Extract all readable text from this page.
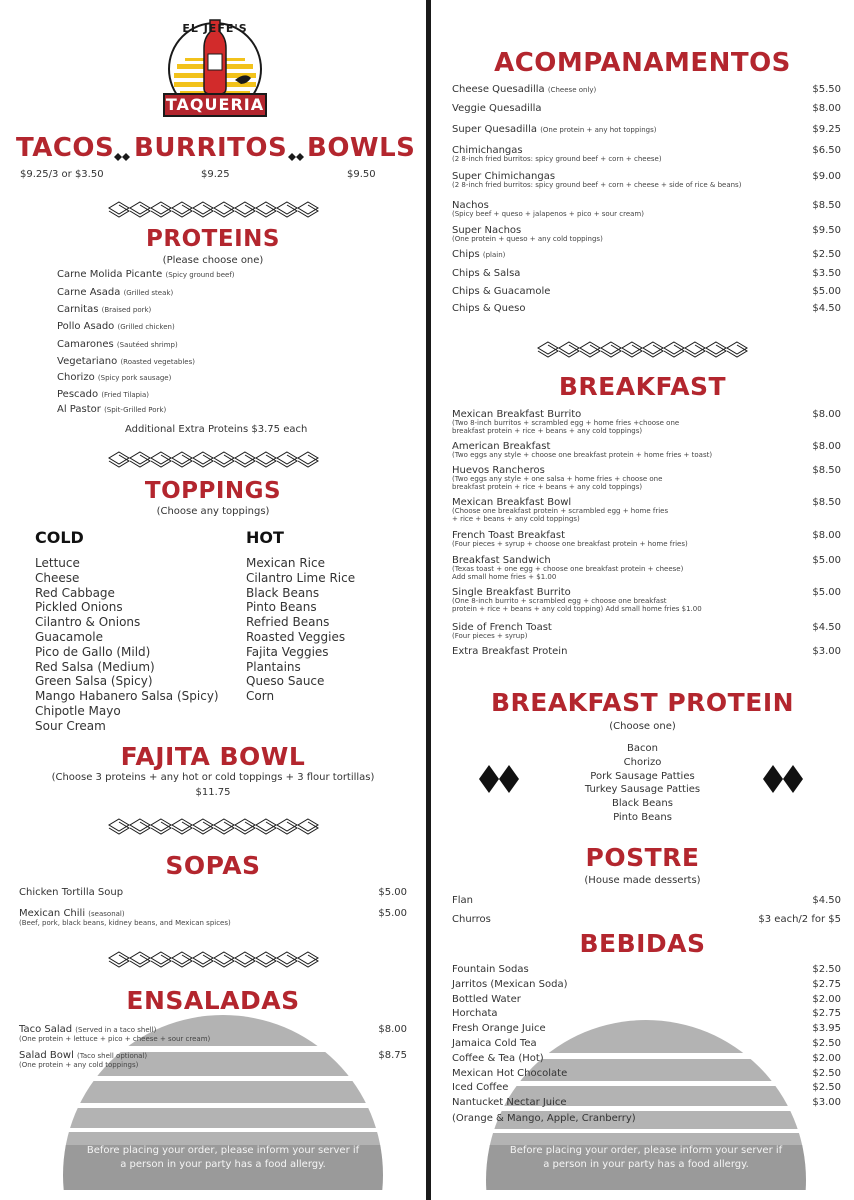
EL JEFE'S
TAQUERIA
TACOS BURRITOS BOWLS
$9.25/3 or $3.50	$9.25	$9.50
PROTEINS
(Please choose one)
Additional Extra Proteins $3.75 each
TOPPINGS
(Choose any toppings)
COLD	HOT
Lettuce
Cheese
Red Cabbage
Pickled Onions
Cilantro & Onions
Guacamole
Pico de Gallo (Mild)
Red Salsa (Medium)
Green Salsa (Spicy)
Mango Habanero Salsa (Spicy)
Chipotle Mayo
Sour Cream
Mexican Rice
Cilantro Lime Rice
Black Beans
Pinto Beans
Refried Beans
Roasted Veggies
Fajita Veggies
Plantains
Queso Sauce
Corn
FAJITA BOWL
(Choose 3 proteins + any hot or cold toppings + 3 flour tortillas)
$11.75
SOPAS
ENSALADAS
Before placing your order, please inform your server if
a person in your party has a food allergy.
ACOMPANAMENTOS
BREAKFAST
BREAKFAST PROTEIN
(Choose one)
Bacon
Chorizo
Pork Sausage Patties
Turkey Sausage Patties
Black Beans
Pinto Beans
POSTRE
(House made desserts)
BEBIDAS
(Orange & Mango, Apple, Cranberry)
Before placing your order, please inform your server if
a person in your party has a food allergy.
Carne Molida Picante (Spicy ground beef)
Carne Asada (Grilled steak)
Carnitas (Braised pork)
Pollo Asado (Grilled chicken)
Camarones (Sautéed shrimp)
Vegetariano (Roasted vegetables)
Chorizo (Spicy pork sausage)
Pescado (Fried Tilapia)
Al Pastor (Spit-Grilled Pork)
Chicken Tortilla Soup	$5.00
Mexican Chili (seasonal)	$5.00
(Beef, pork, black beans, kidney beans, and Mexican spices)
Taco Salad (Served in a taco shell)	$8.00
(One protein + lettuce + pico + cheese + sour cream)
Salad Bowl (Taco shell optional)	$8.75
(One protein + any cold toppings)
Cheese Quesadilla (Cheese only)	$5.50
Veggie Quesadilla	$8.00
Super Quesadilla (One protein + any hot toppings)	$9.25
Chimichangas	$6.50
(2 8-inch fried burritos: spicy ground beef + corn + cheese)
Super Chimichangas	$9.00
(2 8-inch fried burritos: spicy ground beef + corn + cheese + side of rice & beans)
Nachos	$8.50
(Spicy beef + queso + jalapenos + pico + sour cream)
Super Nachos	$9.50
(One protein + queso + any cold toppings)
Chips (plain)	$2.50
Chips & Salsa	$3.50
Chips & Guacamole	$5.00
Chips & Queso	$4.50
Mexican Breakfast Burrito	$8.00
(Two 8-inch burritos + scrambled egg + home fries +choose one
breakfast protein + rice + beans + any cold toppings)
American Breakfast	$8.00
(Two eggs any style + choose one breakfast protein + home fries + toast)
Huevos Rancheros	$8.50
(Two eggs any style + one salsa + home fries + choose one
breakfast protein + rice + beans + any cold toppings)
Mexican Breakfast Bowl	$8.50
(Choose one breakfast protein + scrambled egg + home fries
+ rice + beans + any cold toppings)
French Toast Breakfast	$8.00
(Four pieces + syrup + choose one breakfast protein + home fries)
Breakfast Sandwich	$5.00
(Texas toast + one egg + choose one breakfast protein + cheese)
Add small home fries + $1.00
Single Breakfast Burrito	$5.00
(One 8-inch burrito + scrambled egg + choose one breakfast
protein + rice + beans + any cold topping) Add small home fries $1.00
Side of French Toast	$4.50
(Four pieces + syrup)
Extra Breakfast Protein	$3.00
Flan	$4.50
Churros	$3 each/2 for $5
Fountain Sodas	$2.50
Jarritos (Mexican Soda)	$2.75
Bottled Water	$2.00
Horchata	$2.75
Fresh Orange Juice	$3.95
Jamaica Cold Tea	$2.50
Coffee & Tea (Hot)	$2.00
Mexican Hot Chocolate	$2.50
Iced Coffee	$2.50
Nantucket Nectar Juice	$3.00
